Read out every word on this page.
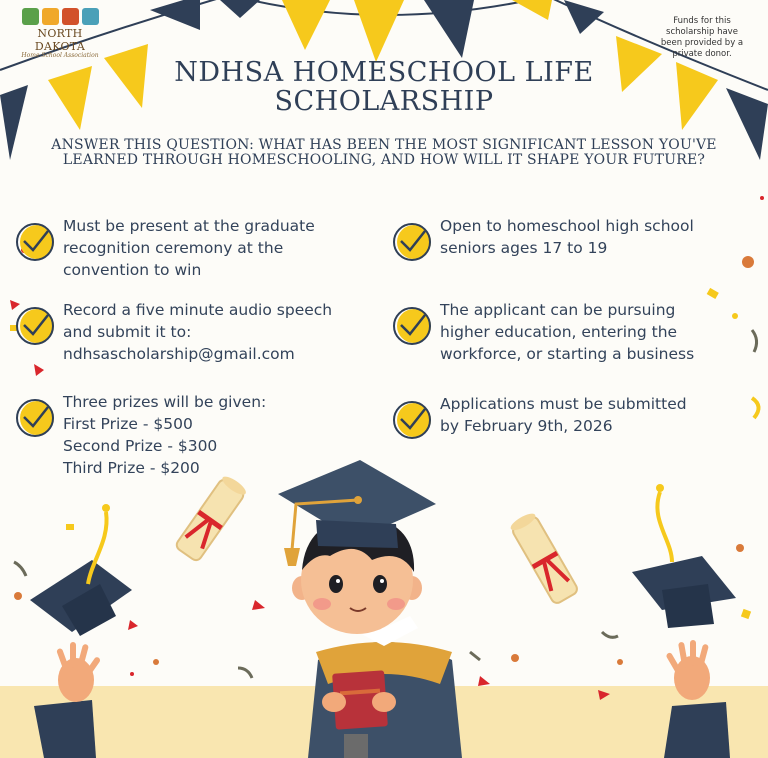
NORTH DAKOTA
Home School Association
Funds for this scholarship have been provided by a private donor.
NDHSA HOMESCHOOL LIFE SCHOLARSHIP
ANSWER THIS QUESTION: WHAT HAS BEEN THE MOST SIGNIFICANT LESSON YOU'VE LEARNED THROUGH HOMESCHOOLING, AND HOW WILL IT SHAPE YOUR FUTURE?
Must be present at the graduate
recognition ceremony at the
convention to win
Open to homeschool high school
seniors ages 17 to 19
Record a five minute audio speech
and submit it to:
ndhsascholarship@gmail.com
The applicant can be pursuing
higher education, entering the
workforce, or starting a business
Three prizes will be given:
First Prize - $500
Second Prize - $300
Third Prize - $200
Applications must be submitted
by February 9th, 2026
